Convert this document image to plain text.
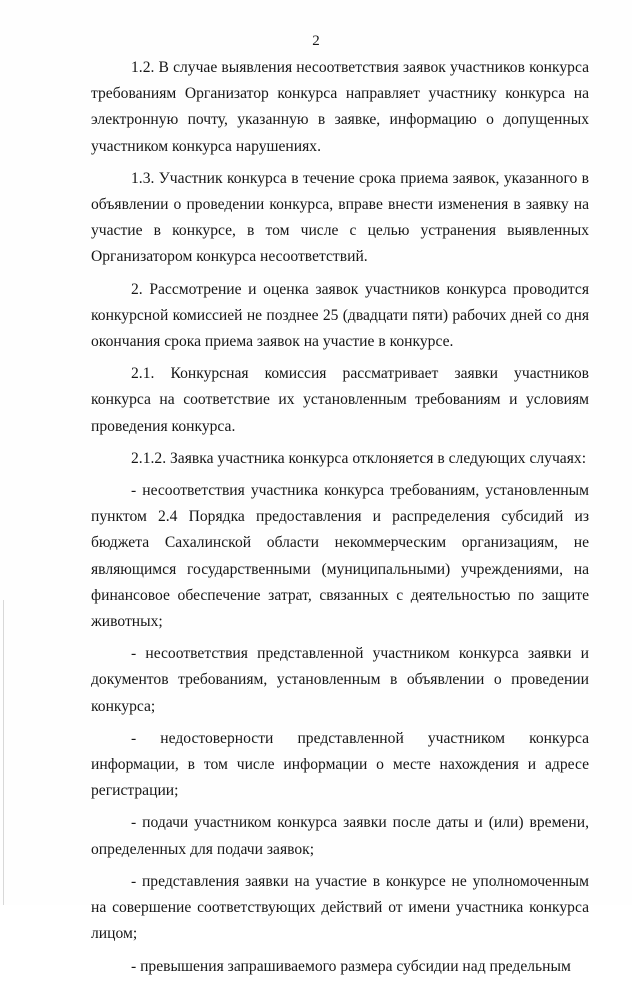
2

1.2. В случае выявления несоответствия заявок участников конкурса требованиям Организатор конкурса направляет участнику конкурса на электронную почту, указанную в заявке, информацию о допущенных участником конкурса нарушениях.

1.3. Участник конкурса в течение срока приема заявок, указанного в объявлении о проведении конкурса, вправе внести изменения в заявку на участие в конкурсе, в том числе с целью устранения выявленных Организатором конкурса несоответствий.

2. Рассмотрение и оценка заявок участников конкурса проводится конкурсной комиссией не позднее 25 (двадцати пяти) рабочих дней со дня окончания срока приема заявок на участие в конкурсе.

2.1. Конкурсная комиссия рассматривает заявки участников конкурса на соответствие их установленным требованиям и условиям проведения конкурса.

2.1.2. Заявка участника конкурса отклоняется в следующих случаях:

- несоответствия участника конкурса требованиям, установленным пунктом 2.4 Порядка предоставления и распределения субсидий из бюджета Сахалинской области некоммерческим организациям, не являющимся государственными (муниципальными) учреждениями, на финансовое обеспечение затрат, связанных с деятельностью по защите животных;

- несоответствия представленной участником конкурса заявки и документов требованиям, установленным в объявлении о проведении конкурса;

- недостоверности представленной участником конкурса информации, в том числе информации о месте нахождения и адресе регистрации;

- подачи участником конкурса заявки после даты и (или) времени, определенных для подачи заявок;

- представления заявки на участие в конкурсе не уполномоченным на совершение соответствующих действий от имени участника конкурса лицом;

- превышения запрашиваемого размера субсидии над предельным
